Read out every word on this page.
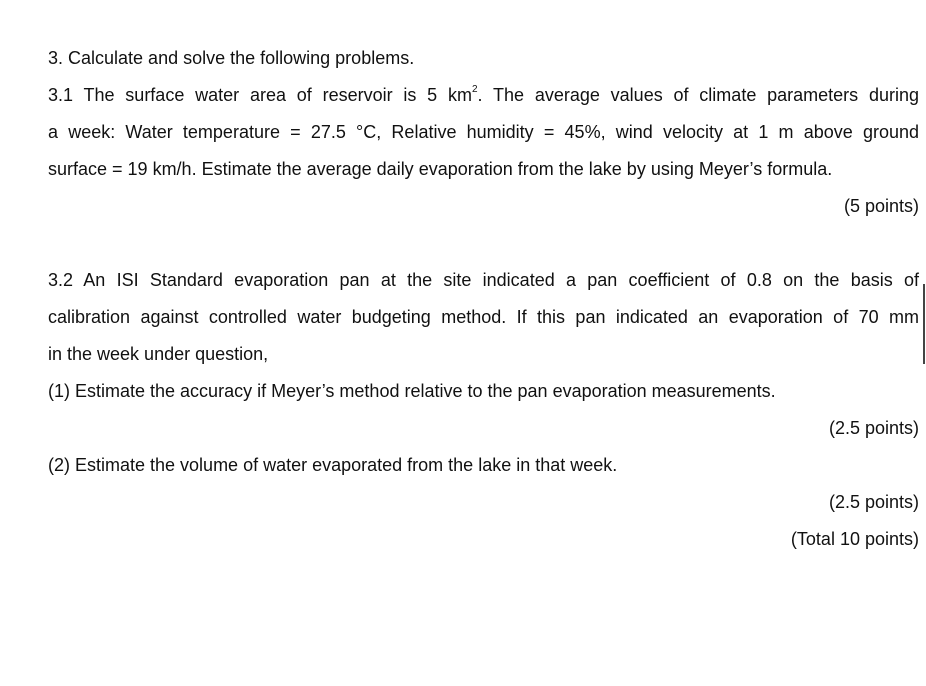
3. Calculate and solve the following problems.
3.1 The surface water area of reservoir is 5 $km^2$. The average values of climate parameters during
a week: Water temperature = 27.5 °C, Relative humidity = 45%, wind velocity at 1 m above ground
surface = 19 km/h. Estimate the average daily evaporation from the lake by using Meyer’s formula.
(5 points)
3.2 An ISI Standard evaporation pan at the site indicated a pan coefficient of 0.8 on the basis of
calibration against controlled water budgeting method. If this pan indicated an evaporation of 70 mm
in the week under question,
(1) Estimate the accuracy if Meyer’s method relative to the pan evaporation measurements.
(2.5 points)
(2) Estimate the volume of water evaporated from the lake in that week.
(2.5 points)
(Total 10 points)
